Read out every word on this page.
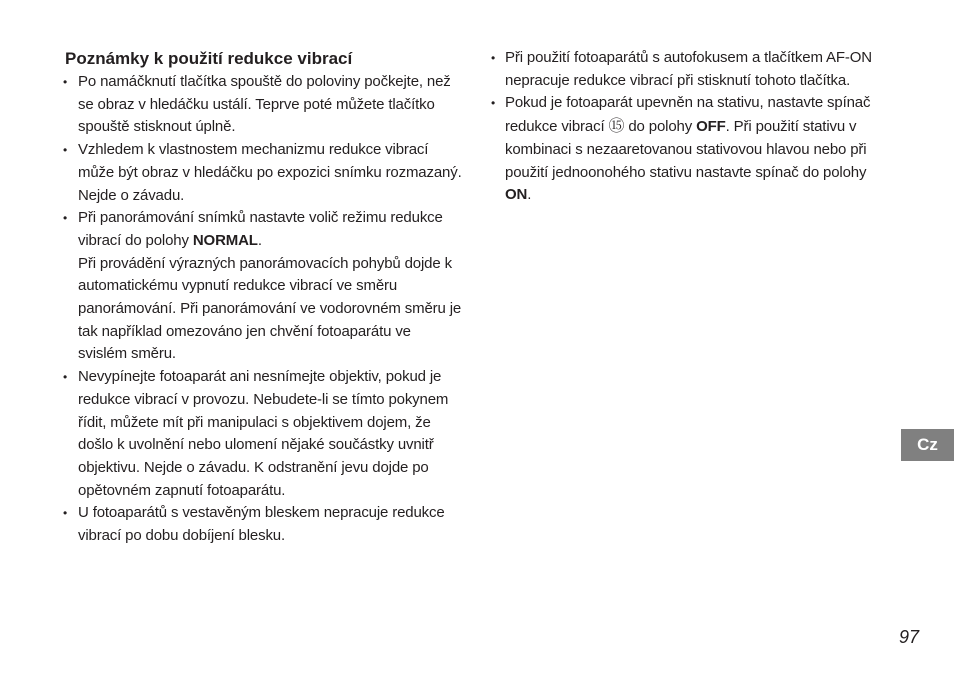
Poznámky k použití redukce vibrací
• Po namáčknutí tlačítka spouště do poloviny počkejte, než se obraz v hledáčku ustálí. Teprve poté můžete tlačítko spouště stisknout úplně.
• Vzhledem k vlastnostem mechanizmu redukce vibrací může být obraz v hledáčku po expozici snímku rozmazaný. Nejde o závadu.
• Při panorámování snímků nastavte volič režimu redukce vibrací do polohy NORMAL.
Při provádění výrazných panorámovacích pohybů dojde k automatickému vypnutí redukce vibrací ve směru panorámování. Při panorámování ve vodorovném směru je tak například omezováno jen chvění fotoaparátu ve svislém směru.
• Nevypínejte fotoaparát ani nesnímejte objektiv, pokud je redukce vibrací v provozu. Nebudete-li se tímto pokynem řídit, můžete mít při manipulaci s objektivem dojem, že došlo k uvolnění nebo ulomení nějaké součástky uvnitř objektivu. Nejde o závadu. K odstranění jevu dojde po opětovném zapnutí fotoaparátu.
• U fotoaparátů s vestavěným bleskem nepracuje redukce vibrací po dobu dobíjení blesku.
• Při použití fotoaparátů s autofokusem a tlačítkem AF-ON nepracuje redukce vibrací při stisknutí tohoto tlačítka.
• Pokud je fotoaparát upevněn na stativu, nastavte spínač redukce vibrací ⑮ do polohy OFF. Při použití stativu v kombinaci s nezaaretovanou stativovou hlavou nebo při použití jednoonohého stativu nastavte spínač do polohy ON.
Cz
97
